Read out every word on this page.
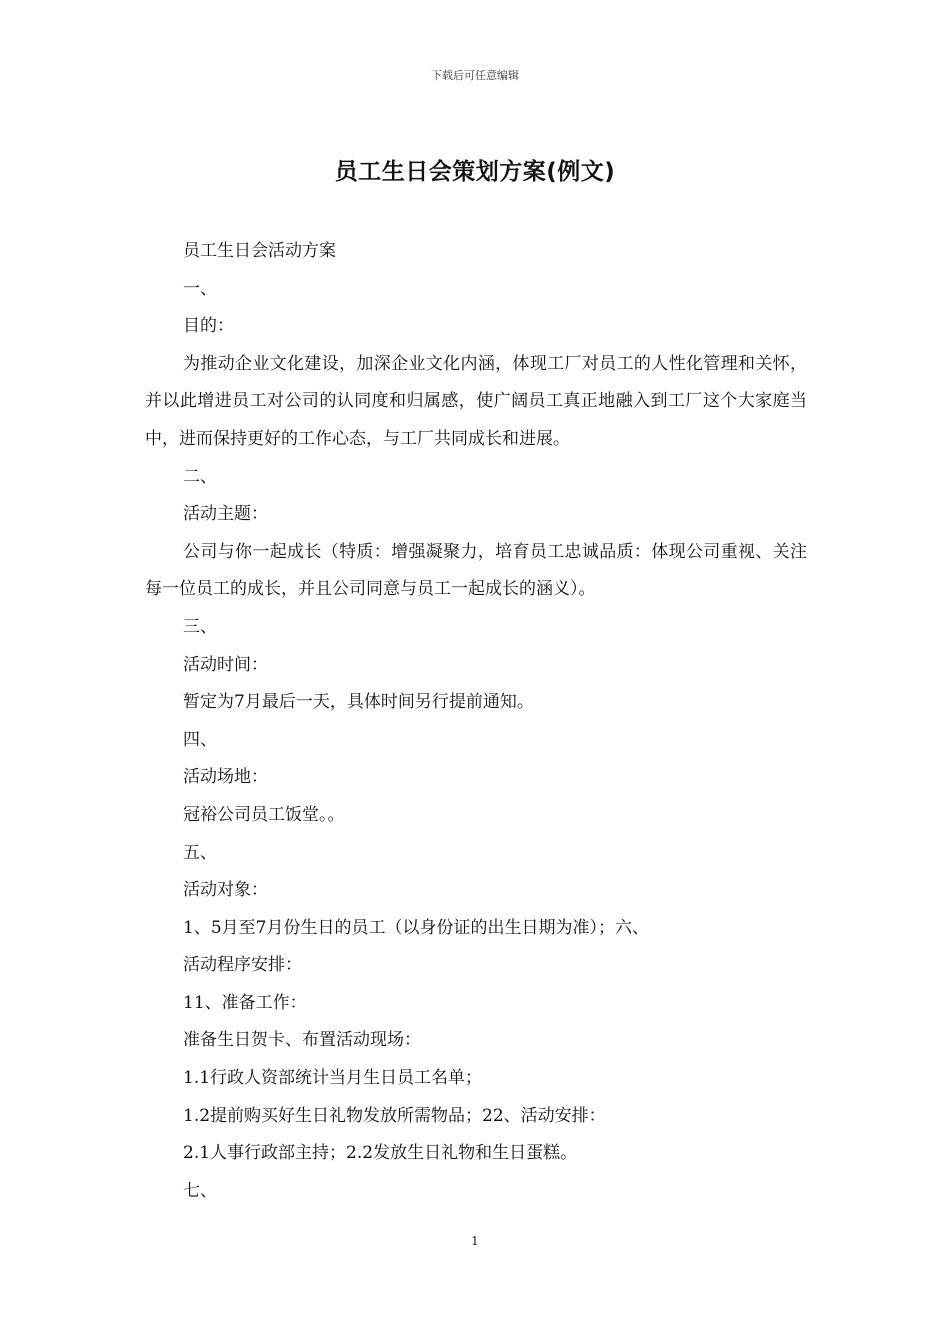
下载后可任意编辑
员工生日会策划方案(例文)

员工生日会活动方案

一、

目的：

为推动企业文化建设，加深企业文化内涵，体现工厂对员工的人性化管理和关怀，并以此增进员工对公司的认同度和归属感，使广阔员工真正地融入到工厂这个大家庭当中，进而保持更好的工作心态，与工厂共同成长和进展。

二、

活动主题：

公司与你一起成长（特质：增强凝聚力，培育员工忠诚品质：体现公司重视、关注每一位员工的成长，并且公司同意与员工一起成长的涵义）。

三、

活动时间：

暂定为7月最后一天，具体时间另行提前通知。

四、

活动场地：

冠裕公司员工饭堂。。

五、

活动对象：

1、5月至7月份生日的员工（以身份证的出生日期为准）；六、

活动程序安排：

11、准备工作：

准备生日贺卡、布置活动现场：

1.1行政人资部统计当月生日员工名单；

1.2提前购买好生日礼物发放所需物品；22、活动安排：

2.1人事行政部主持；2.2发放生日礼物和生日蛋糕。

七、

1
